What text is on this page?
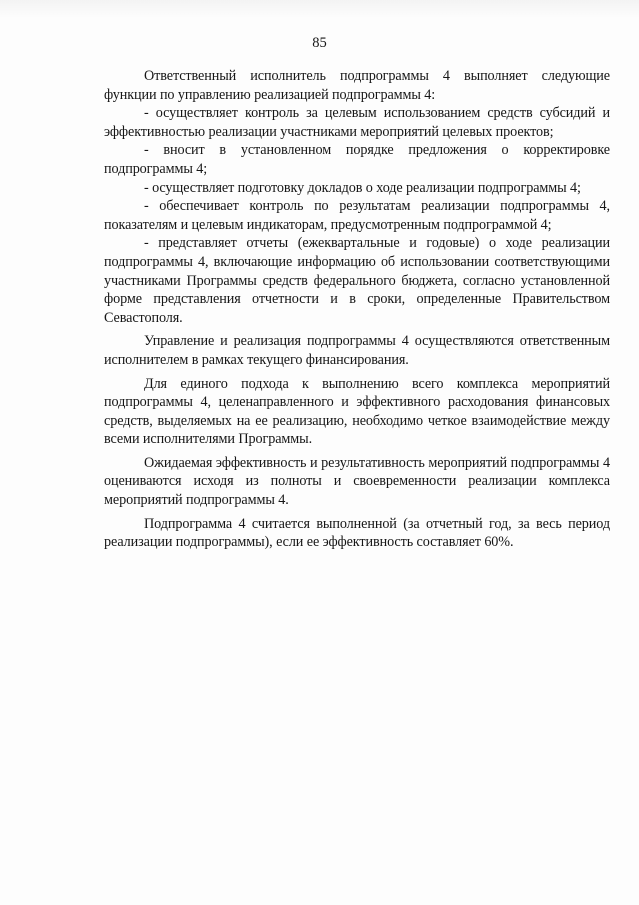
85

Ответственный исполнитель подпрограммы 4 выполняет следующие функции по управлению реализацией подпрограммы 4:

- осуществляет контроль за целевым использованием средств субсидий и эффективностью реализации участниками мероприятий целевых проектов;

- вносит в установленном порядке предложения о корректировке подпрограммы 4;

- осуществляет подготовку докладов о ходе реализации подпрограммы 4;

- обеспечивает контроль по результатам реализации подпрограммы 4, показателям и целевым индикаторам, предусмотренным подпрограммой 4;

- представляет отчеты (ежеквартальные и годовые) о ходе реализации подпрограммы 4, включающие информацию об использовании соответствующими участниками Программы средств федерального бюджета, согласно установленной форме представления отчетности и в сроки, определенные Правительством Севастополя.

Управление и реализация подпрограммы 4 осуществляются ответственным исполнителем в рамках текущего финансирования.

Для единого подхода к выполнению всего комплекса мероприятий подпрограммы 4, целенаправленного и эффективного расходования финансовых средств, выделяемых на ее реализацию, необходимо четкое взаимодействие между всеми исполнителями Программы.

Ожидаемая эффективность и результативность мероприятий подпрограммы 4 оцениваются исходя из полноты и своевременности реализации комплекса мероприятий подпрограммы 4.

Подпрограмма 4 считается выполненной (за отчетный год, за весь период реализации подпрограммы), если ее эффективность составляет 60%.
